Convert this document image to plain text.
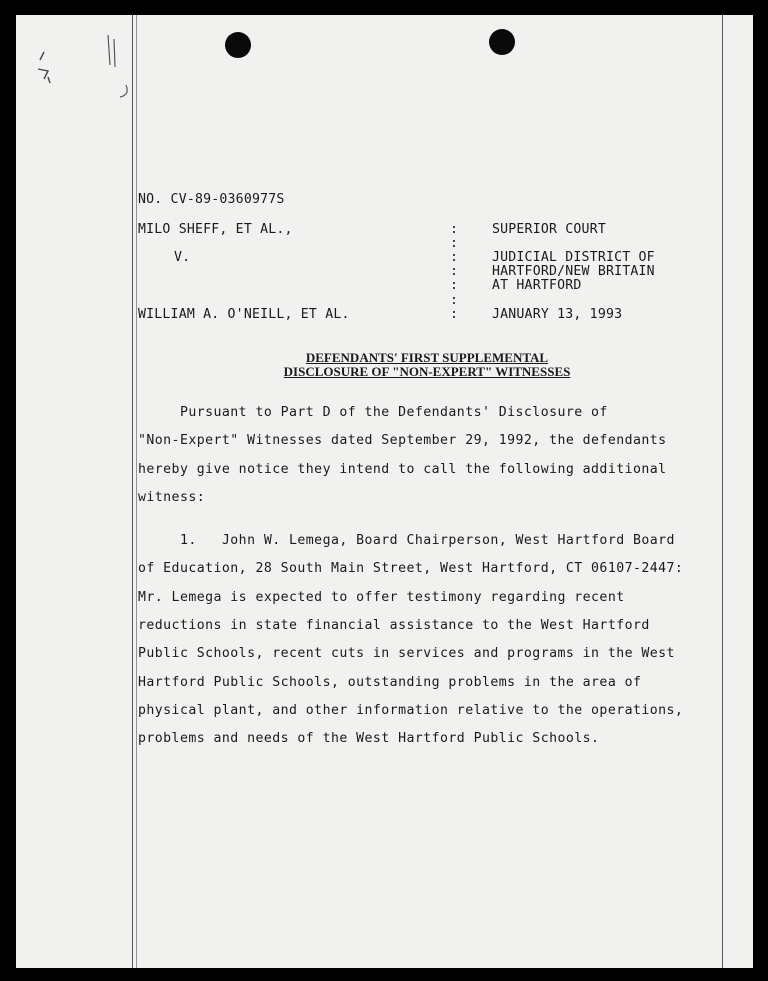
NO. CV-89-0360977S
MILO SHEFF, ET AL.,
V.
WILLIAM A. O'NEILL, ET AL.
:
:
:
:
:
:
:
SUPERIOR COURT
JUDICIAL DISTRICT OF
HARTFORD/NEW BRITAIN
AT HARTFORD
JANUARY 13, 1993
DEFENDANTS' FIRST SUPPLEMENTAL
DISCLOSURE OF "NON-EXPERT" WITNESSES
Pursuant to Part D of the Defendants' Disclosure of
"Non-Expert" Witnesses dated September 29, 1992, the defendants
hereby give notice they intend to call the following additional
witness:
1.   John W. Lemega, Board Chairperson, West Hartford Board
of Education, 28 South Main Street, West Hartford, CT 06107-2447:
Mr. Lemega is expected to offer testimony regarding recent
reductions in state financial assistance to the West Hartford
Public Schools, recent cuts in services and programs in the West
Hartford Public Schools, outstanding problems in the area of
physical plant, and other information relative to the operations,
problems and needs of the West Hartford Public Schools.
